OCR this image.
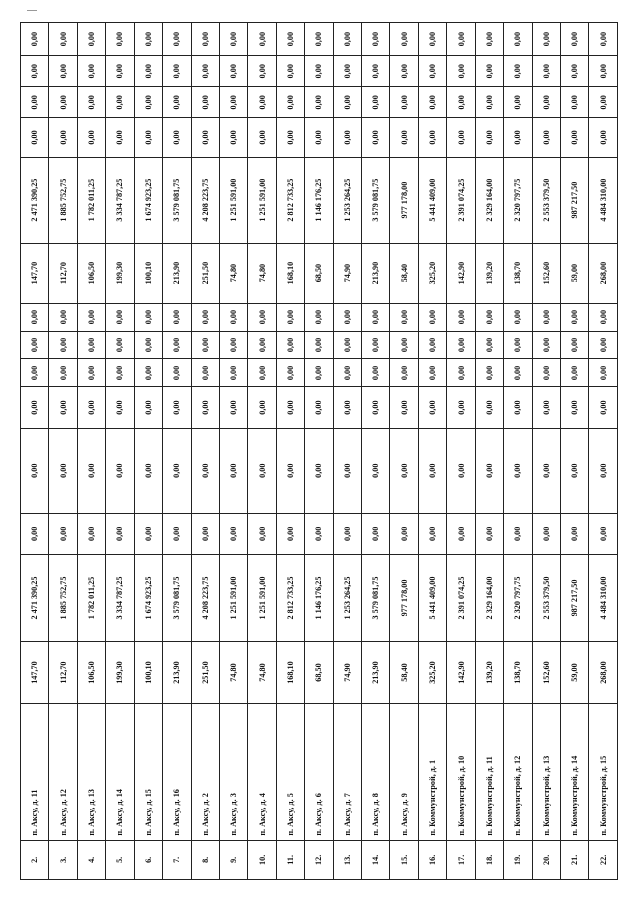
2.	п. Аксу, д. 11	147,70	2 471 390,25	0,00	0,00	0,00	0,00	0,00	0,00	147,70	2 471 390,25	0,00	0,00	0,00	0,00
3.	п. Аксу, д. 12	112,70	1 885 752,75	0,00	0,00	0,00	0,00	0,00	0,00	112,70	1 885 752,75	0,00	0,00	0,00	0,00
4.	п. Аксу, д. 13	106,50	1 782 011,25	0,00	0,00	0,00	0,00	0,00	0,00	106,50	1 782 011,25	0,00	0,00	0,00	0,00
5.	п. Аксу, д. 14	199,30	3 334 787,25	0,00	0,00	0,00	0,00	0,00	0,00	199,30	3 334 787,25	0,00	0,00	0,00	0,00
6.	п. Аксу, д. 15	100,10	1 674 923,25	0,00	0,00	0,00	0,00	0,00	0,00	100,10	1 674 923,25	0,00	0,00	0,00	0,00
7.	п. Аксу, д. 16	213,90	3 579 081,75	0,00	0,00	0,00	0,00	0,00	0,00	213,90	3 579 081,75	0,00	0,00	0,00	0,00
8.	п. Аксу, д. 2	251,50	4 208 223,75	0,00	0,00	0,00	0,00	0,00	0,00	251,50	4 208 223,75	0,00	0,00	0,00	0,00
9.	п. Аксу, д. 3	74,80	1 251 591,00	0,00	0,00	0,00	0,00	0,00	0,00	74,80	1 251 591,00	0,00	0,00	0,00	0,00
10.	п. Аксу, д. 4	74,80	1 251 591,00	0,00	0,00	0,00	0,00	0,00	0,00	74,80	1 251 591,00	0,00	0,00	0,00	0,00
11.	п. Аксу, д. 5	168,10	2 812 733,25	0,00	0,00	0,00	0,00	0,00	0,00	168,10	2 812 733,25	0,00	0,00	0,00	0,00
12.	п. Аксу, д. 6	68,50	1 146 176,25	0,00	0,00	0,00	0,00	0,00	0,00	68,50	1 146 176,25	0,00	0,00	0,00	0,00
13.	п. Аксу, д. 7	74,90	1 253 264,25	0,00	0,00	0,00	0,00	0,00	0,00	74,90	1 253 264,25	0,00	0,00	0,00	0,00
14.	п. Аксу, д. 8	213,90	3 579 081,75	0,00	0,00	0,00	0,00	0,00	0,00	213,90	3 579 081,75	0,00	0,00	0,00	0,00
15.	п. Аксу, д. 9	58,40	977 178,00	0,00	0,00	0,00	0,00	0,00	0,00	58,40	977 178,00	0,00	0,00	0,00	0,00
16.	п. Коммунстрой, д. 1	325,20	5 441 409,00	0,00	0,00	0,00	0,00	0,00	0,00	325,20	5 441 409,00	0,00	0,00	0,00	0,00
17.	п. Коммунстрой, д. 10	142,90	2 391 074,25	0,00	0,00	0,00	0,00	0,00	0,00	142,90	2 391 074,25	0,00	0,00	0,00	0,00
18.	п. Коммунстрой, д. 11	139,20	2 329 164,00	0,00	0,00	0,00	0,00	0,00	0,00	139,20	2 329 164,00	0,00	0,00	0,00	0,00
19.	п. Коммунстрой, д. 12	138,70	2 320 797,75	0,00	0,00	0,00	0,00	0,00	0,00	138,70	2 320 797,75	0,00	0,00	0,00	0,00
20.	п. Коммунстрой, д. 13	152,60	2 553 379,50	0,00	0,00	0,00	0,00	0,00	0,00	152,60	2 553 379,50	0,00	0,00	0,00	0,00
21.	п. Коммунстрой, д. 14	59,00	987 217,50	0,00	0,00	0,00	0,00	0,00	0,00	59,00	987 217,50	0,00	0,00	0,00	0,00
22.	п. Коммунстрой, д. 15	268,00	4 484 310,00	0,00	0,00	0,00	0,00	0,00	0,00	268,00	4 484 310,00	0,00	0,00	0,00	0,00
